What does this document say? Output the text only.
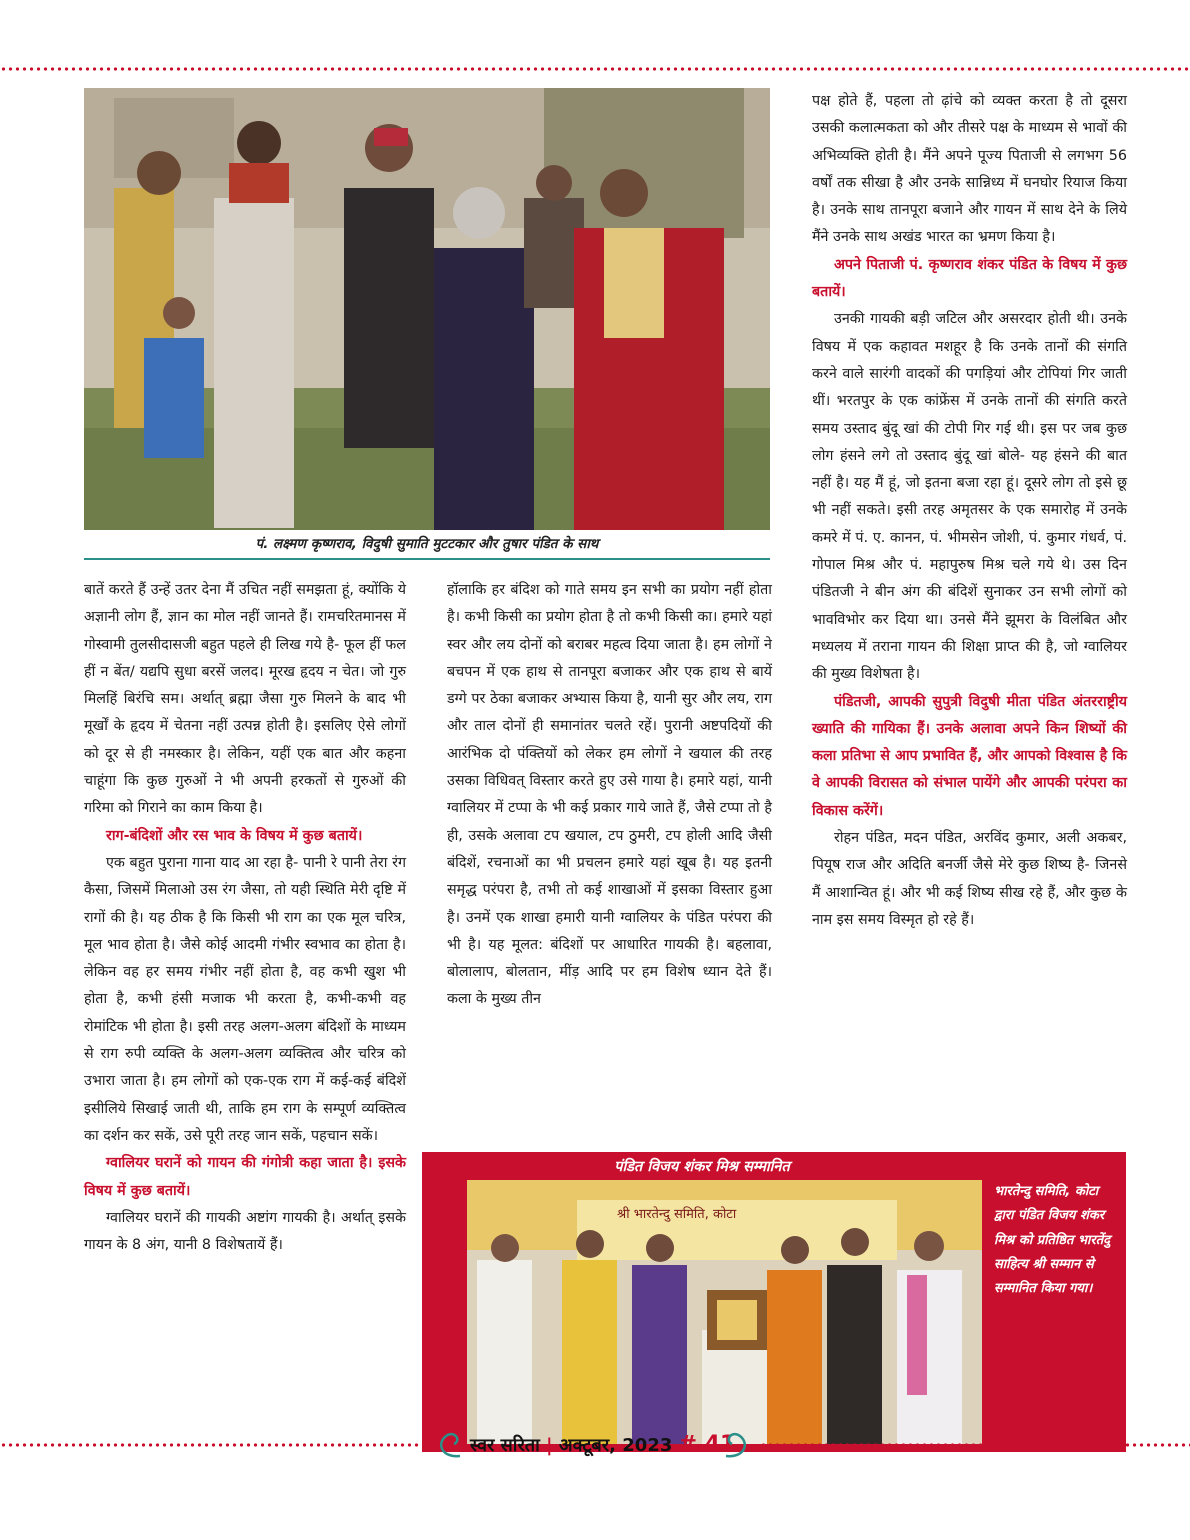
पं. लक्ष्मण कृष्णराव, विदुषी सुमाति मुटटकार और तुषार पंडित के साथ

बातें करते हैं उन्हें उतर देना मैं उचित नहीं समझता हूं, क्योंकि ये अज्ञानी लोग हैं, ज्ञान का मोल नहीं जानते हैं। रामचरितमानस में गोस्वामी तुलसीदासजी बहुत पहले ही लिख गये है- फूल हीं फल हीं न बेंत/ यद्यपि सुधा बरसें जलद। मूरख हृदय न चेत। जो गुरु मिलहिं बिरंचि सम। अर्थात् ब्रह्मा जैसा गुरु मिलने के बाद भी मूर्खों के हृदय में चेतना नहीं उत्पन्न होती है। इसलिए ऐसे लोगों को दूर से ही नमस्कार है। लेकिन, यहीं एक बात और कहना चाहूंगा कि कुछ गुरुओं ने भी अपनी हरकतों से गुरुओं की गरिमा को गिराने का काम किया है।

राग-बंदिशों और रस भाव के विषय में कुछ बतायें।

एक बहुत पुराना गाना याद आ रहा है- पानी रे पानी तेरा रंग कैसा, जिसमें मिलाओ उस रंग जैसा, तो यही स्थिति मेरी दृष्टि में रागों की है। यह ठीक है कि किसी भी राग का एक मूल चरित्र, मूल भाव होता है। जैसे कोई आदमी गंभीर स्वभाव का होता है। लेकिन वह हर समय गंभीर नहीं होता है, वह कभी खुश भी होता है, कभी हंसी मजाक भी करता है, कभी-कभी वह रोमांटिक भी होता है। इसी तरह अलग-अलग बंदिशों के माध्यम से राग रुपी व्यक्ति के अलग-अलग व्यक्तित्व और चरित्र को उभारा जाता है। हम लोगों को एक-एक राग में कई-कई बंदिशें इसीलिये सिखाई जाती थी, ताकि हम राग के सम्पूर्ण व्यक्तित्व का दर्शन कर सकें, उसे पूरी तरह जान सकें, पहचान सकें।

ग्वालियर घरानें को गायन की गंगोत्री कहा जाता है। इसके विषय में कुछ बतायें।

ग्वालियर घरानें की गायकी अष्टांग गायकी है। अर्थात् इसके गायन के 8 अंग, यानी 8 विशेषतायें हैं।

हॉलाकि हर बंदिश को गाते समय इन सभी का प्रयोग नहीं होता है। कभी किसी का प्रयोग होता है तो कभी किसी का। हमारे यहां स्वर और लय दोनों को बराबर महत्व दिया जाता है। हम लोगों ने बचपन में एक हाथ से तानपूरा बजाकर और एक हाथ से बायें डग्गे पर ठेका बजाकर अभ्यास किया है, यानी सुर और लय, राग और ताल दोनों ही समानांतर चलते रहें। पुरानी अष्टपदियों की आरंभिक दो पंक्तियों को लेकर हम लोगों ने खयाल की तरह उसका विधिवत् विस्तार करते हुए उसे गाया है। हमारे यहां, यानी ग्वालियर में टप्पा के भी कई प्रकार गाये जाते हैं, जैसे टप्पा तो है ही, उसके अलावा टप खयाल, टप ठुमरी, टप होली आदि जैसी बंदिशें, रचनाओं का भी प्रचलन हमारे यहां खूब है। यह इतनी समृद्ध परंपरा है, तभी तो कई शाखाओं में इसका विस्तार हुआ है। उनमें एक शाखा हमारी यानी ग्वालियर के पंडित परंपरा की भी है। यह मूलत: बंदिशों पर आधारित गायकी है। बहलावा, बोलालाप, बोलतान, मींड़ आदि पर हम विशेष ध्यान देते हैं। कला के मुख्य तीन

पक्ष होते हैं, पहला तो ढ़ांचे को व्यक्त करता है तो दूसरा उसकी कलात्मकता को और तीसरे पक्ष के माध्यम से भावों की अभिव्यक्ति होती है। मैंने अपने पूज्य पिताजी से लगभग 56 वर्षों तक सीखा है और उनके सान्निध्य में घनघोर रियाज किया है। उनके साथ तानपूरा बजाने और गायन में साथ देने के लिये मैंने उनके साथ अखंड भारत का भ्रमण किया है।

अपने पिताजी पं. कृष्णराव शंकर पंडित के विषय में कुछ बतायें।

उनकी गायकी बड़ी जटिल और असरदार होती थी। उनके विषय में एक कहावत मशहूर है कि उनके तानों की संगति करने वाले सारंगी वादकों की पगड़ियां और टोपियां गिर जाती थीं। भरतपुर के एक कांफ्रेंस में उनके तानों की संगति करते समय उस्ताद बुंदू खां की टोपी गिर गई थी। इस पर जब कुछ लोग हंसने लगे तो उस्ताद बुंदू खां बोले- यह हंसने की बात नहीं है। यह मैं हूं, जो इतना बजा रहा हूं। दूसरे लोग तो इसे छू भी नहीं सकते। इसी तरह अमृतसर के एक समारोह में उनके कमरे में पं. ए. कानन, पं. भीमसेन जोशी, पं. कुमार गंधर्व, पं. गोपाल मिश्र और पं. महापुरुष मिश्र चले गये थे। उस दिन पंडितजी ने बीन अंग की बंदिशें सुनाकर उन सभी लोगों को भावविभोर कर दिया था। उनसे मैंने झूमरा के विलंबित और मध्यलय में तराना गायन की शिक्षा प्राप्त की है, जो ग्वालियर की मुख्य विशेषता है।

पंडितजी, आपकी सुपुत्री विदुषी मीता पंडित अंतरराष्ट्रीय ख्याति की गायिका हैं। उनके अलावा अपने किन शिष्यों की कला प्रतिभा से आप प्रभावित हैं, और आपको विश्वास है कि वे आपकी विरासत को संभाल पायेंगे और आपकी परंपरा का विकास करेंगें।

रोहन पंडित, मदन पंडित, अरविंद कुमार, अली अकबर, पियूष राज और अदिति बनर्जी जैसे मेरे कुछ शिष्य है- जिनसे मैं आशान्वित हूं। और भी कई शिष्य सीख रहे हैं, और कुछ के नाम इस समय विस्मृत हो रहे हैं।

पंडित विजय शंकर मिश्र सम्मानित
श्री भारतेन्दु समिति, कोटा
भारतेन्दु समिति, कोटा द्वारा पंडित विजय शंकर मिश्र को प्रतिष्ठित भारतेंदु साहित्य श्री सम्मान से सम्मानित किया गया।
स्वर सरिता | अक्टूबर, 2023 # 41
